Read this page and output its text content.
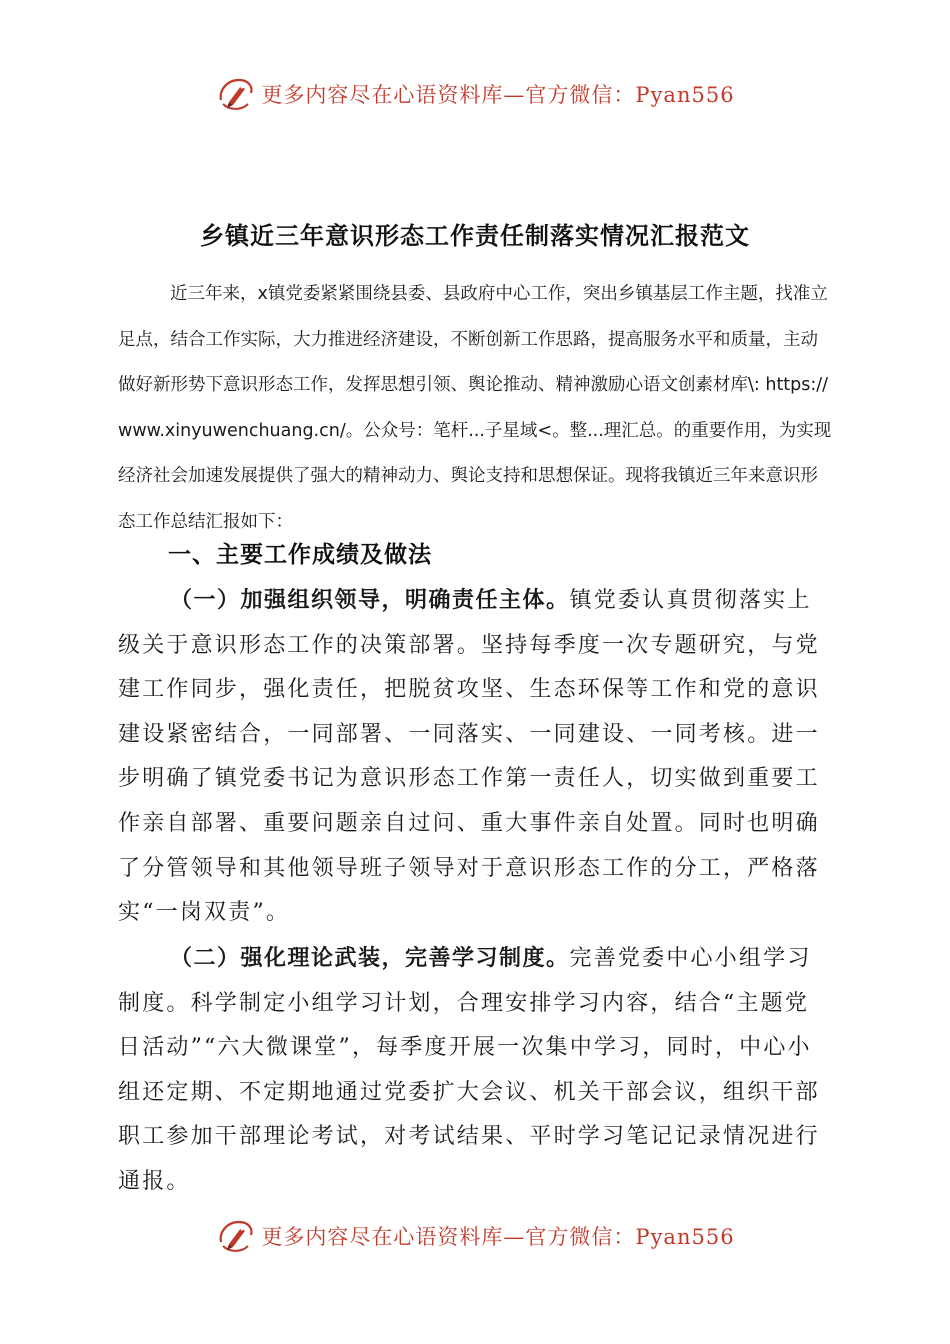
更多内容尽在心语资料库—官方微信：Pyan556
乡镇近三年意识形态工作责任制落实情况汇报范文

近三年来，x镇党委紧紧围绕县委、县政府中心工作，突出乡镇基层工作主题，找准立足点，结合工作实际，大力推进经济建设，不断创新工作思路，提高服务水平和质量，主动做好新形势下意识形态工作，发挥思想引领、舆论推动、精神激励心语文创素材库\: https://www.xinyuwenchuang.cn/。公众号：笔杆...子星域<。整...理汇总。的重要作用，为实现经济社会加速发展提供了强大的精神动力、舆论支持和思想保证。现将我镇近三年来意识形态工作总结汇报如下：

一、主要工作成绩及做法

（一）加强组织领导，明确责任主体。镇党委认真贯彻落实上级关于意识形态工作的决策部署。坚持每季度一次专题研究，与党建工作同步，强化责任，把脱贫攻坚、生态环保等工作和党的意识建设紧密结合，一同部署、一同落实、一同建设、一同考核。进一步明确了镇党委书记为意识形态工作第一责任人，切实做到重要工作亲自部署、重要问题亲自过问、重大事件亲自处置。同时也明确了分管领导和其他领导班子领导对于意识形态工作的分工，严格落实“一岗双责”。

（二）强化理论武装，完善学习制度。完善党委中心小组学习制度。科学制定小组学习计划，合理安排学习内容，结合“主题党日活动”“六大微课堂”，每季度开展一次集中学习，同时，中心小组还定期、不定期地通过党委扩大会议、机关干部会议，组织干部职工参加干部理论考试，对考试结果、平时学习笔记记录情况进行通报。

更多内容尽在心语资料库—官方微信：Pyan556
